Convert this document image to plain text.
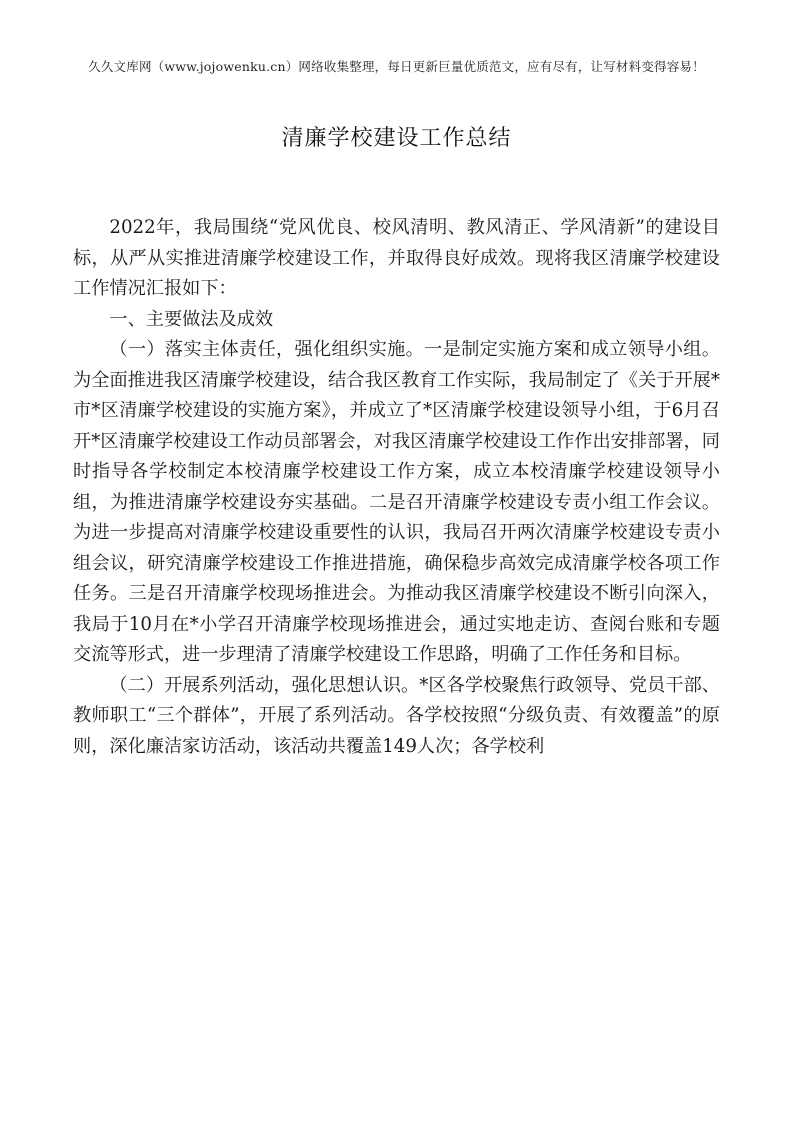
久久文库网（www.jojowenku.cn）网络收集整理，每日更新巨量优质范文，应有尽有，让写材料变得容易！
清廉学校建设工作总结

2022年，我局围绕“党风优良、校风清明、教风清正、学风清新”的建设目标，从严从实推进清廉学校建设工作，并取得良好成效。现将我区清廉学校建设工作情况汇报如下：

一、主要做法及成效

（一）落实主体责任，强化组织实施。一是制定实施方案和成立领导小组。为全面推进我区清廉学校建设，结合我区教育工作实际，我局制定了《关于开展*市*区清廉学校建设的实施方案》，并成立了*区清廉学校建设领导小组，于6月召开*区清廉学校建设工作动员部署会，对我区清廉学校建设工作作出安排部署，同时指导各学校制定本校清廉学校建设工作方案，成立本校清廉学校建设领导小组，为推进清廉学校建设夯实基础。二是召开清廉学校建设专责小组工作会议。为进一步提高对清廉学校建设重要性的认识，我局召开两次清廉学校建设专责小组会议，研究清廉学校建设工作推进措施，确保稳步高效完成清廉学校各项工作任务。三是召开清廉学校现场推进会。为推动我区清廉学校建设不断引向深入，我局于10月在*小学召开清廉学校现场推进会，通过实地走访、查阅台账和专题交流等形式，进一步理清了清廉学校建设工作思路，明确了工作任务和目标。

（二）开展系列活动，强化思想认识。*区各学校聚焦行政领导、党员干部、教师职工“三个群体”，开展了系列活动。各学校按照“分级负责、有效覆盖”的原则，深化廉洁家访活动，该活动共覆盖149人次；各学校利
